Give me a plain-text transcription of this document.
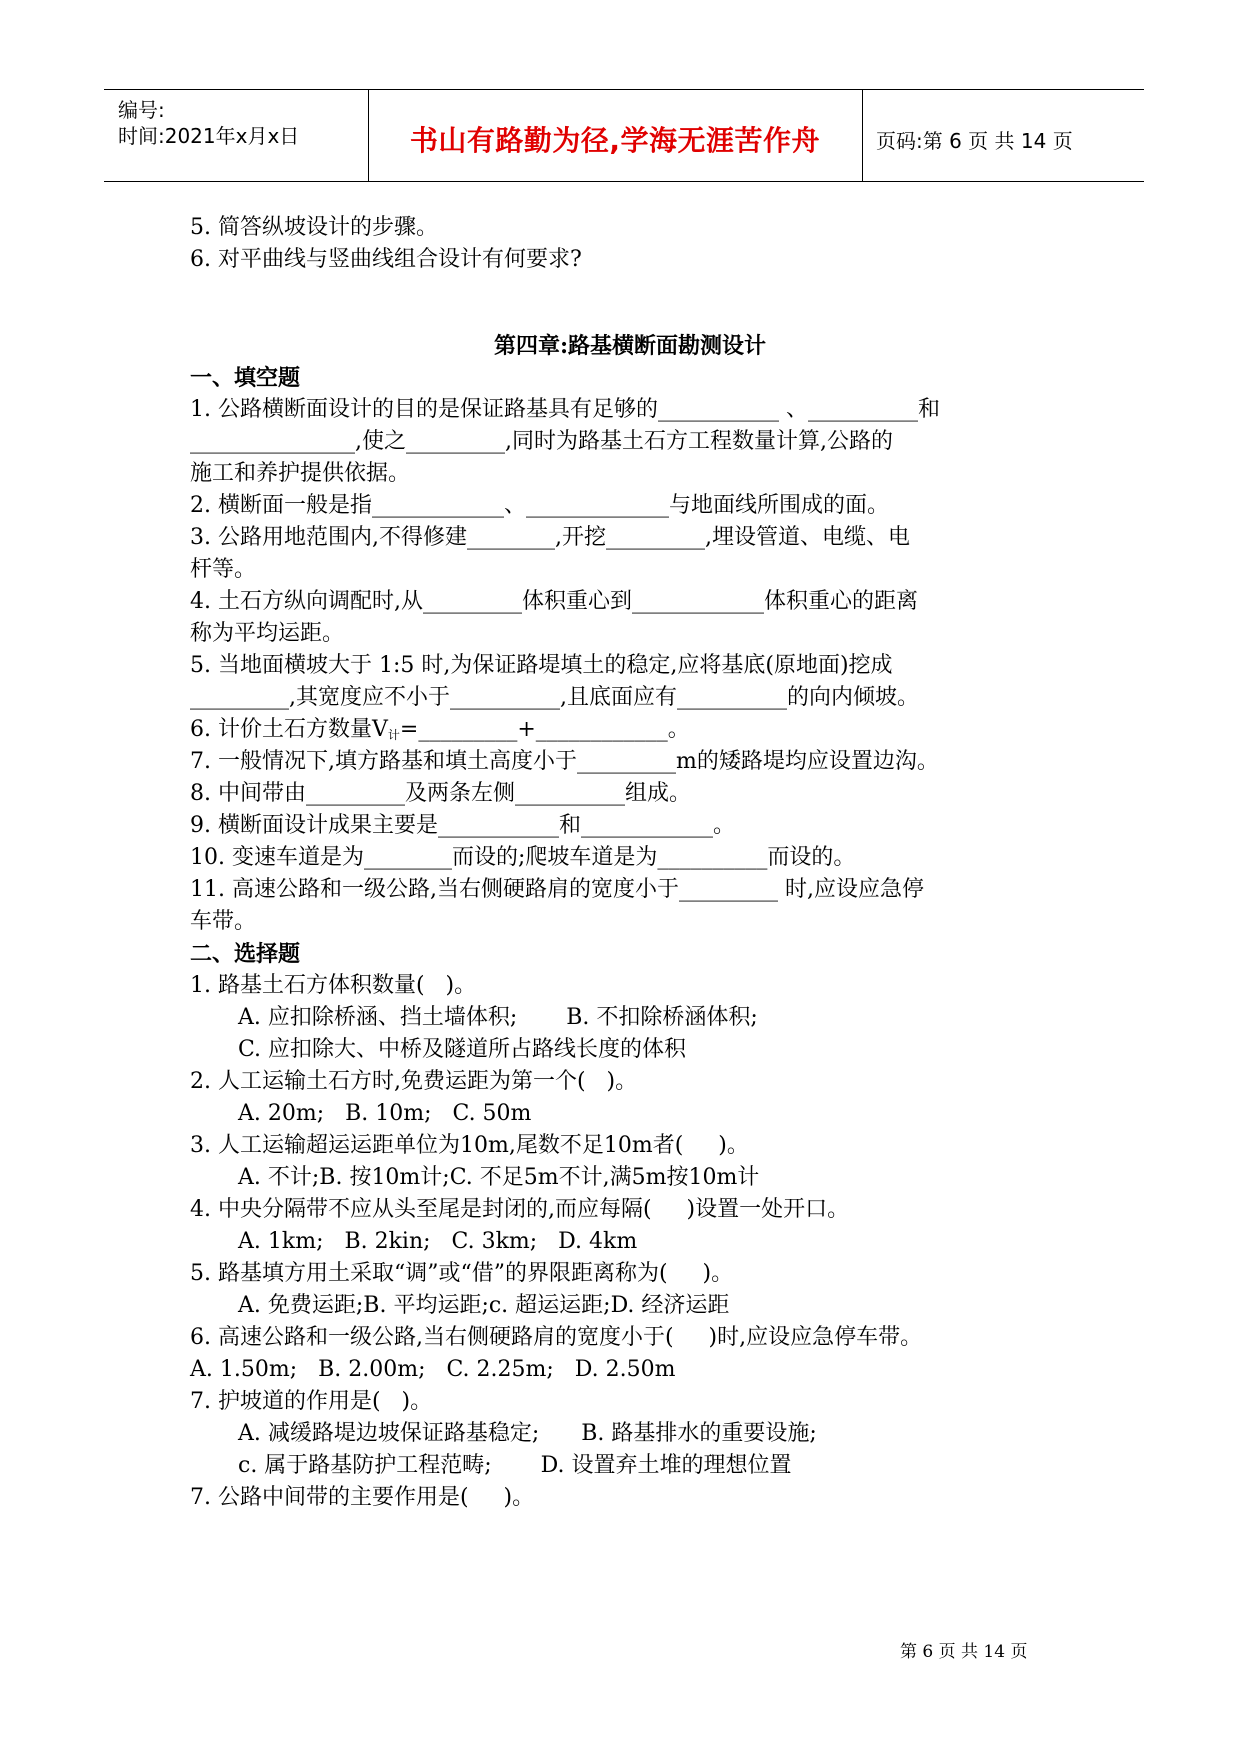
编号:
时间:2021年x月x日	书山有路勤为径,学海无涯苦作舟	页码:第 6 页 共 14 页
5. 简答纵坡设计的步骤。
6. 对平曲线与竖曲线组合设计有何要求?
第四章:路基横断面勘测设计
一、填空题
1. 公路横断面设计的目的是保证路基具有足够的___________ 、__________和
_______________,使之_________,同时为路基土石方工程数量计算,公路的
施工和养护提供依据。
2. 横断面一般是指____________、_____________与地面线所围成的面。
3. 公路用地范围内,不得修建________,开挖_________,埋设管道、电缆、电
杆等。
4. 土石方纵向调配时,从_________体积重心到____________体积重心的距离
称为平均运距。
5. 当地面横坡大于 1:5 时,为保证路堤填土的稳定,应将基底(原地面)挖成
_________,其宽度应不小于__________,且底面应有__________的向内倾坡。
6. 计价土石方数量$V_计=\_\_\_\_\_\_\_\_\_+\_\_\_\_\_\_\_\_\_\_\_\_$。
7. 一般情况下,填方路基和填土高度小于_________m的矮路堤均应设置边沟。
8. 中间带由_________及两条左侧__________组成。
9. 横断面设计成果主要是___________和____________。
10. 变速车道是为________而设的;爬坡车道是为__________而设的。
11. 高速公路和一级公路,当右侧硬路肩的宽度小于_________ 时,应设应急停
车带。
二、选择题
1. 路基土石方体积数量(   )。
A. 应扣除桥涵、挡土墙体积;       B. 不扣除桥涵体积;
C. 应扣除大、中桥及隧道所占路线长度的体积
2. 人工运输土石方时,免费运距为第一个(   )。
A. 20m;   B. 10m;   C. 50m
3. 人工运输超运运距单位为10m,尾数不足10m者(     )。
A. 不计;B. 按10m计;C. 不足5m不计,满5m按10m计
4. 中央分隔带不应从头至尾是封闭的,而应每隔(     )设置一处开口。
A. 1km;   B. 2kin;   C. 3km;   D. 4km
5. 路基填方用土采取“调”或“借”的界限距离称为(     )。
A. 免费运距;B. 平均运距;c. 超运运距;D. 经济运距
6. 高速公路和一级公路,当右侧硬路肩的宽度小于(     )时,应设应急停车带。
A. 1.50m;   B. 2.00m;   C. 2.25m;   D. 2.50m
7. 护坡道的作用是(   )。
A. 减缓路堤边坡保证路基稳定;      B. 路基排水的重要设施;
c. 属于路基防护工程范畴;       D. 设置弃土堆的理想位置
7. 公路中间带的主要作用是(     )。
第 6 页 共 14 页
